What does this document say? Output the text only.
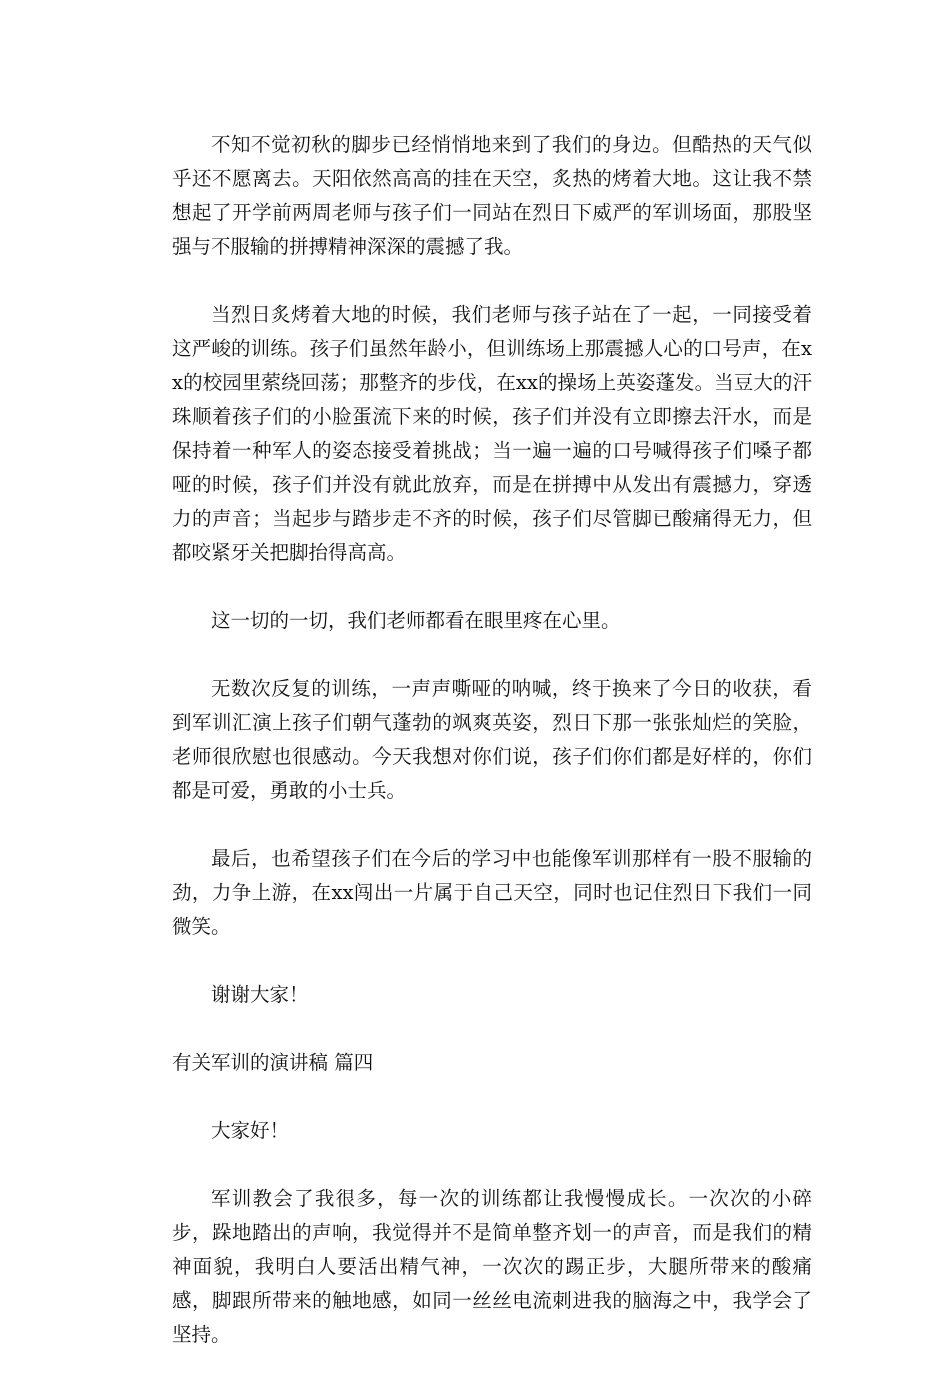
不知不觉初秋的脚步已经悄悄地来到了我们的身边。但酷热的天气似乎还不愿离去。天阳依然高高的挂在天空，炙热的烤着大地。这让我不禁想起了开学前两周老师与孩子们一同站在烈日下威严的军训场面，那股坚强与不服输的拼搏精神深深的震撼了我。

当烈日炙烤着大地的时候，我们老师与孩子站在了一起，一同接受着这严峻的训练。孩子们虽然年龄小，但训练场上那震撼人心的口号声，在xx的校园里萦绕回荡；那整齐的步伐，在xx的操场上英姿蓬发。当豆大的汗珠顺着孩子们的小脸蛋流下来的时候，孩子们并没有立即擦去汗水，而是保持着一种军人的姿态接受着挑战；当一遍一遍的口号喊得孩子们嗓子都哑的时候，孩子们并没有就此放弃，而是在拼搏中从发出有震撼力，穿透力的声音；当起步与踏步走不齐的时候，孩子们尽管脚已酸痛得无力，但都咬紧牙关把脚抬得高高。

这一切的一切，我们老师都看在眼里疼在心里。

无数次反复的训练，一声声嘶哑的呐喊，终于换来了今日的收获，看到军训汇演上孩子们朝气蓬勃的飒爽英姿，烈日下那一张张灿烂的笑脸，老师很欣慰也很感动。今天我想对你们说，孩子们你们都是好样的，你们都是可爱，勇敢的小士兵。

最后，也希望孩子们在今后的学习中也能像军训那样有一股不服输的劲，力争上游，在xx闯出一片属于自己天空，同时也记住烈日下我们一同微笑。

谢谢大家！

有关军训的演讲稿 篇四

大家好！

军训教会了我很多，每一次的训练都让我慢慢成长。一次次的小碎步，跺地踏出的声响，我觉得并不是简单整齐划一的声音，而是我们的精神面貌，我明白人要活出精气神，一次次的踢正步，大腿所带来的酸痛感，脚跟所带来的触地感，如同一丝丝电流刺进我的脑海之中，我学会了坚持。
